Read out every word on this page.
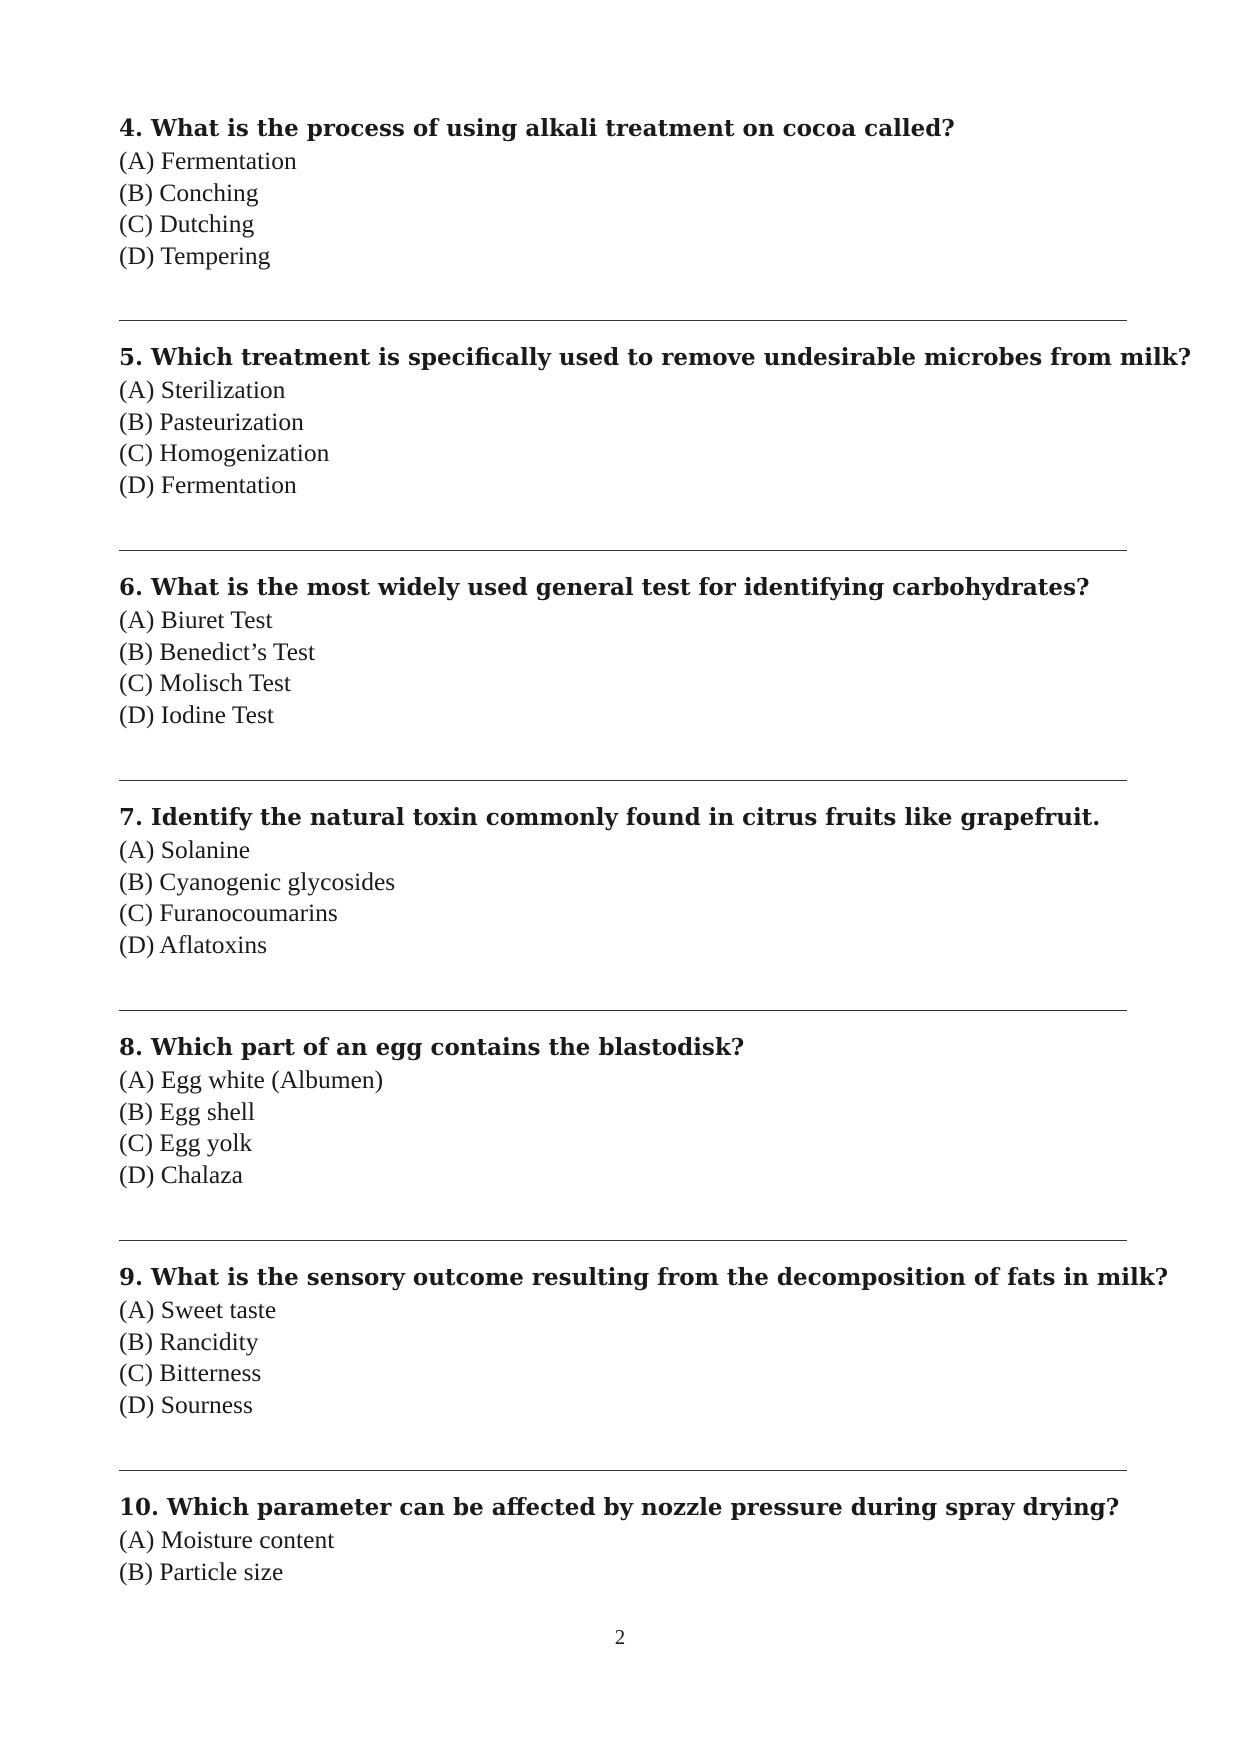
4. What is the process of using alkali treatment on cocoa called?

(A) Fermentation
(B) Conching
(C) Dutching
(D) Tempering

5. Which treatment is specifically used to remove undesirable microbes from milk?

(A) Sterilization
(B) Pasteurization
(C) Homogenization
(D) Fermentation

6. What is the most widely used general test for identifying carbohydrates?

(A) Biuret Test
(B) Benedict’s Test
(C) Molisch Test
(D) Iodine Test

7. Identify the natural toxin commonly found in citrus fruits like grapefruit.

(A) Solanine
(B) Cyanogenic glycosides
(C) Furanocoumarins
(D) Aflatoxins

8. Which part of an egg contains the blastodisk?

(A) Egg white (Albumen)
(B) Egg shell
(C) Egg yolk
(D) Chalaza

9. What is the sensory outcome resulting from the decomposition of fats in milk?

(A) Sweet taste
(B) Rancidity
(C) Bitterness
(D) Sourness

10. Which parameter can be affected by nozzle pressure during spray drying?

(A) Moisture content
(B) Particle size
2
